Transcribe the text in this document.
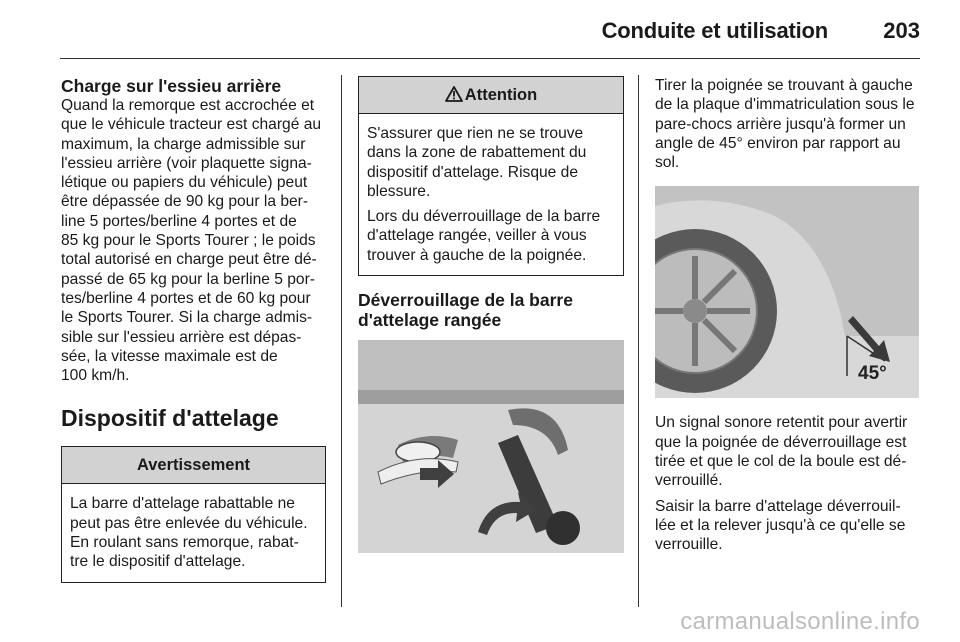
Conduite et utilisation	203
Charge sur l'essieu arrière
Quand la remorque est accrochée et
que le véhicule tracteur est chargé au
maximum, la charge admissible sur
l'essieu arrière (voir plaquette signa-
létique ou papiers du véhicule) peut
être dépassée de 90 kg pour la ber-
line 5 portes/berline 4 portes et de
85 kg pour le Sports Tourer ; le poids
total autorisé en charge peut être dé-
passé de 65 kg pour la berline 5 por-
tes/berline 4 portes et de 60 kg pour
le Sports Tourer. Si la charge admis-
sible sur l'essieu arrière est dépas-
sée, la vitesse maximale est de
100 km/h.
Dispositif d'attelage
Avertissement
La barre d'attelage rabattable ne
peut pas être enlevée du véhicule.
En roulant sans remorque, rabat-
tre le dispositif d'attelage.
Attention
S'assurer que rien ne se trouve
dans la zone de rabattement du
dispositif d'attelage. Risque de
blessure.
Lors du déverrouillage de la barre
d'attelage rangée, veiller à vous
trouver à gauche de la poignée.
Déverrouillage de la barre
d'attelage rangée
Tirer la poignée se trouvant à gauche
de la plaque d'immatriculation sous le
pare-chocs arrière jusqu'à former un
angle de 45° environ par rapport au
sol.
45°
Un signal sonore retentit pour avertir
que la poignée de déverrouillage est
tirée et que le col de la boule est dé-
verrouillé.
Saisir la barre d'attelage déverrouil-
lée et la relever jusqu'à ce qu'elle se
verrouille.
carmanualsonline.info
